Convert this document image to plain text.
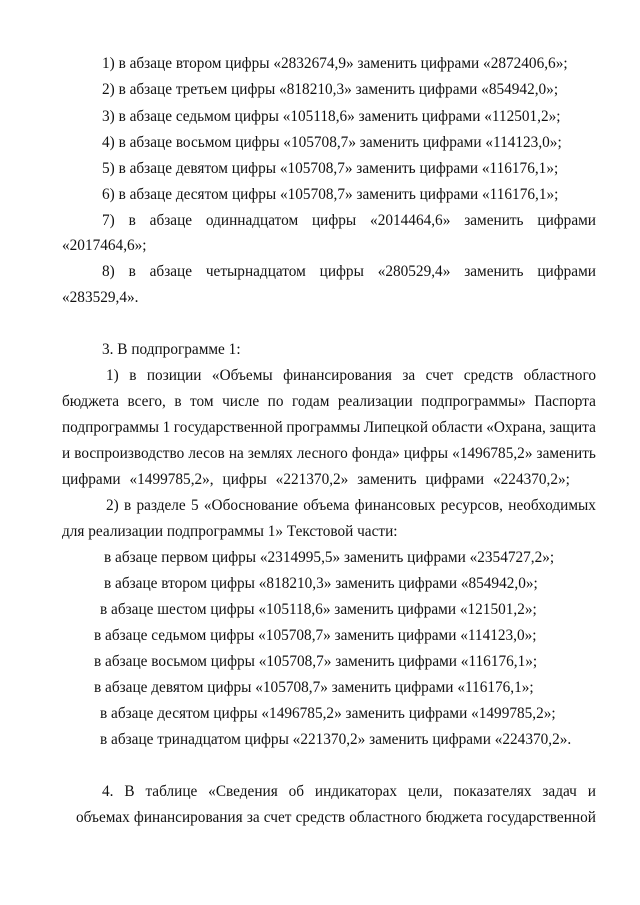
1) в абзаце втором цифры «2832674,9» заменить цифрами «2872406,6»;
2) в абзаце третьем цифры «818210,3» заменить цифрами «854942,0»;
3) в абзаце седьмом цифры «105118,6» заменить цифрами «112501,2»;
4) в абзаце восьмом цифры «105708,7» заменить цифрами «114123,0»;
5) в абзаце девятом цифры «105708,7» заменить цифрами «116176,1»;
6) в абзаце десятом цифры «105708,7» заменить цифрами «116176,1»;
7) в абзаце одиннадцатом цифры «2014464,6» заменить цифрами
«2017464,6»;
8) в абзаце четырнадцатом цифры «280529,4» заменить цифрами
«283529,4».
3. В подпрограмме 1:
1) в позиции «Объемы финансирования за счет средств областного
бюджета всего, в том числе по годам реализации подпрограммы» Паспорта
подпрограммы 1 государственной программы Липецкой области «Охрана, защита
и воспроизводство лесов на землях лесного фонда» цифры «1496785,2» заменить
цифрами «1499785,2», цифры «221370,2» заменить цифрами «224370,2»;
2) в разделе 5 «Обоснование объема финансовых ресурсов, необходимых
для реализации подпрограммы 1» Текстовой части:
в абзаце первом цифры «2314995,5» заменить цифрами «2354727,2»;
в абзаце втором цифры «818210,3» заменить цифрами «854942,0»;
в абзаце шестом цифры «105118,6» заменить цифрами «121501,2»;
в абзаце седьмом цифры «105708,7» заменить цифрами «114123,0»;
в абзаце восьмом цифры «105708,7» заменить цифрами «116176,1»;
в абзаце девятом цифры «105708,7» заменить цифрами «116176,1»;
в абзаце десятом цифры «1496785,2» заменить цифрами «1499785,2»;
в абзаце тринадцатом цифры «221370,2» заменить цифрами «224370,2».
4. В таблице «Сведения об индикаторах цели, показателях задач и
объемах финансирования за счет средств областного бюджета государственной
